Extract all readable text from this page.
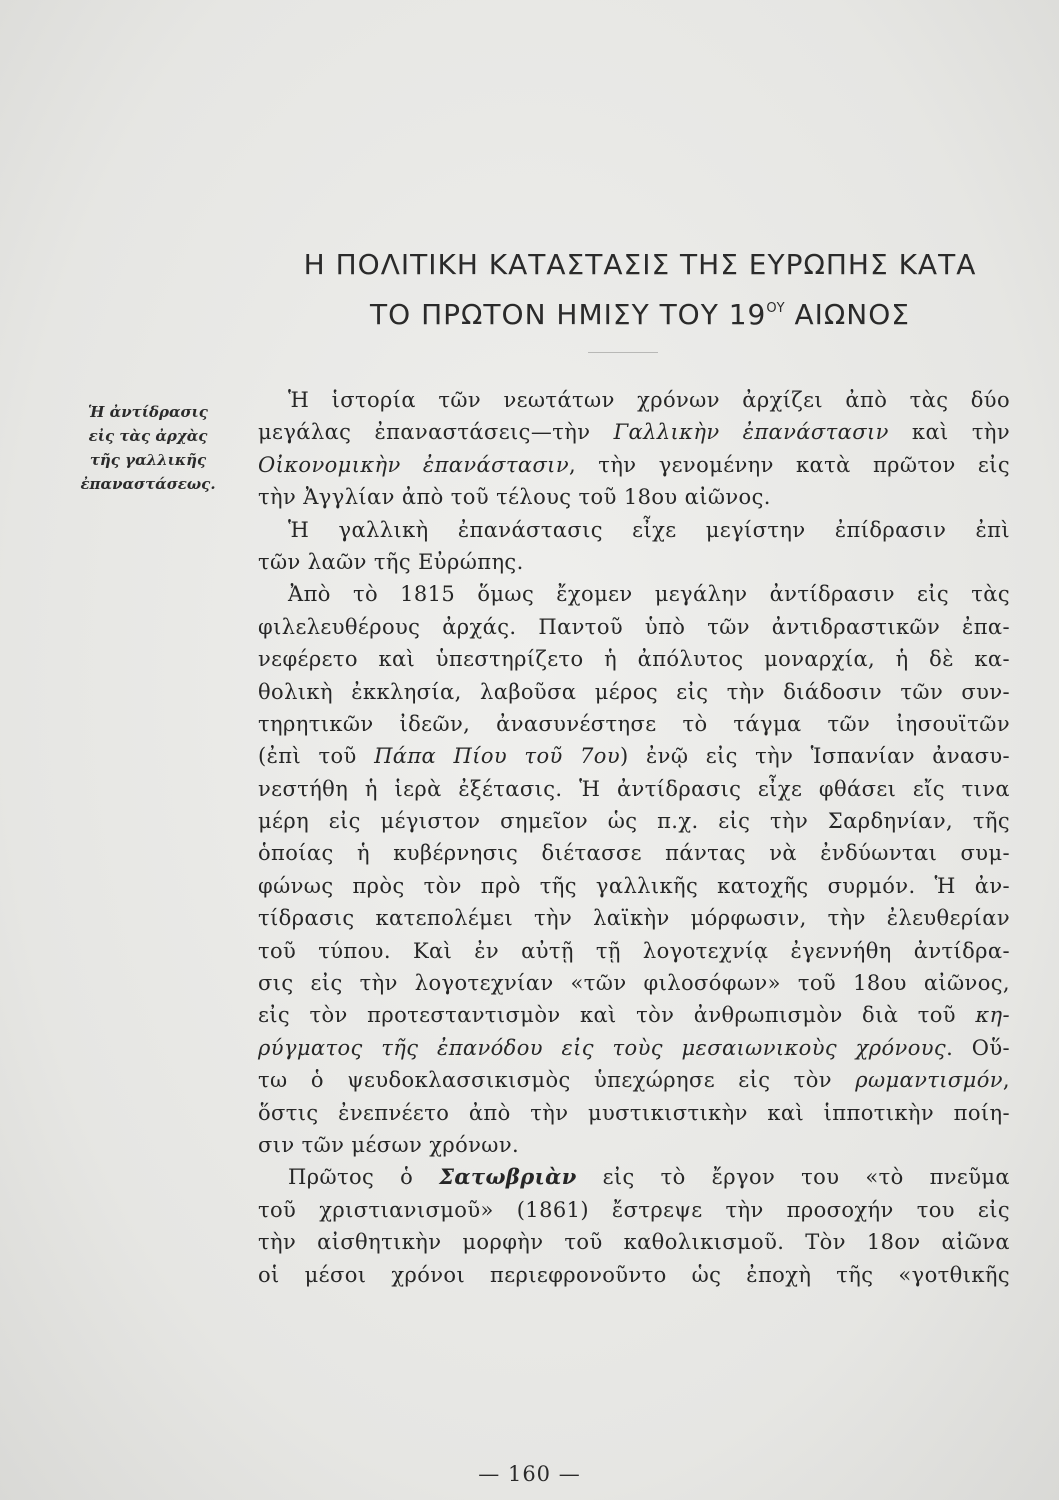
Η ΠΟΛΙΤΙΚΗ ΚΑΤΑΣΤΑΣΙΣ ΤΗΣ ΕΥΡΩΠΗΣ ΚΑΤΑ
ΤΟ ΠΡΩΤΟΝ ΗΜΙΣΥ ΤΟΥ $19^{O\Upsilon}$ ΑΙΩΝΟΣ
Ἡ ἀντίδρασις
εἰς τὰς ἀρχὰς
τῆς γαλλικῆς
ἐπαναστάσεως.
Ἡ ἱστορία τῶν νεωτάτων χρόνων ἀρχίζει ἀπὸ τὰς δύο
μεγάλας ἐπαναστάσεις—τὴν Γαλλικὴν ἐπανάστασιν καὶ τὴν
Οἰκονομικὴν ἐπανάστασιν, τὴν γενομένην κατὰ πρῶτον εἰς
τὴν Ἀγγλίαν ἀπὸ τοῦ τέλους τοῦ 18ου αἰῶνος.
Ἡ γαλλικὴ ἐπανάστασις εἶχε μεγίστην ἐπίδρασιν ἐπὶ
τῶν λαῶν τῆς Εὐρώπης.
Ἀπὸ τὸ 1815 ὅμως ἔχομεν μεγάλην ἀντίδρασιν εἰς τὰς
φιλελευθέρους ἀρχάς. Παντοῦ ὑπὸ τῶν ἀντιδραστικῶν ἐπα-
νεφέρετο καὶ ὑπεστηρίζετο ἡ ἀπόλυτος μοναρχία, ἡ δὲ κα-
θολικὴ ἐκκλησία, λαβοῦσα μέρος εἰς τὴν διάδοσιν τῶν συν-
τηρητικῶν ἰδεῶν, ἀνασυνέστησε τὸ τάγμα τῶν ἰησουϊτῶν
(ἐπὶ τοῦ Πάπα Πίου τοῦ 7ου) ἐνῷ εἰς τὴν Ἱσπανίαν ἀνασυ-
νεστήθη ἡ ἱερὰ ἐξέτασις. Ἡ ἀντίδρασις εἶχε φθάσει εἴς τινα
μέρη εἰς μέγιστον σημεῖον ὡς π.χ. εἰς τὴν Σαρδηνίαν, τῆς
ὁποίας ἡ κυβέρνησις διέτασσε πάντας νὰ ἐνδύωνται συμ-
φώνως πρὸς τὸν πρὸ τῆς γαλλικῆς κατοχῆς συρμόν. Ἡ ἀν-
τίδρασις κατεπολέμει τὴν λαϊκὴν μόρφωσιν, τὴν ἐλευθερίαν
τοῦ τύπου. Καὶ ἐν αὐτῇ τῇ λογοτεχνίᾳ ἐγεννήθη ἀντίδρα-
σις εἰς τὴν λογοτεχνίαν «τῶν φιλοσόφων» τοῦ 18ου αἰῶνος,
εἰς τὸν προτεσταντισμὸν καὶ τὸν ἀνθρωπισμὸν διὰ τοῦ κη-
ρύγματος τῆς ἐπανόδου εἰς τοὺς μεσαιωνικοὺς χρόνους. Οὕ-
τω ὁ ψευδοκλασσικισμὸς ὑπεχώρησε εἰς τὸν ρωμαντισμόν,
ὅστις ἐνεπνέετο ἀπὸ τὴν μυστικιστικὴν καὶ ἱπποτικὴν ποίη-
σιν τῶν μέσων χρόνων.
Πρῶτος ὁ Σατωβριὰν εἰς τὸ ἔργον του «τὸ πνεῦμα
τοῦ χριστιανισμοῦ» (1861) ἔστρεψε τὴν προσοχήν του εἰς
τὴν αἰσθητικὴν μορφὴν τοῦ καθολικισμοῦ. Τὸν 18ον αἰῶνα
οἱ μέσοι χρόνοι περιεφρονοῦντο ὡς ἐποχὴ τῆς «γοτθικῆς
— 160 —
